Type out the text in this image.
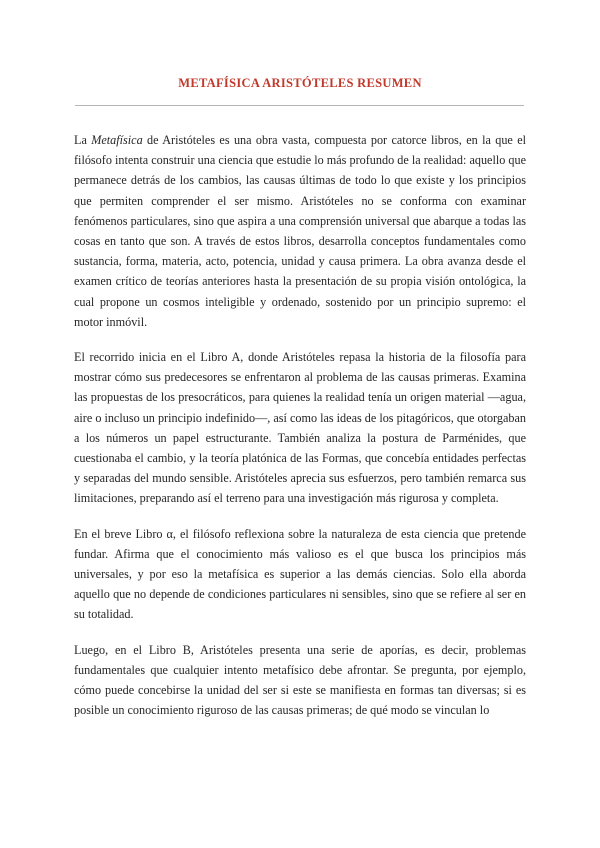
METAFÍSICA ARISTÓTELES RESUMEN

La Metafísica de Aristóteles es una obra vasta, compuesta por catorce libros, en la que el filósofo intenta construir una ciencia que estudie lo más profundo de la realidad: aquello que permanece detrás de los cambios, las causas últimas de todo lo que existe y los principios que permiten comprender el ser mismo. Aristóteles no se conforma con examinar fenómenos particulares, sino que aspira a una comprensión universal que abarque a todas las cosas en tanto que son. A través de estos libros, desarrolla conceptos fundamentales como sustancia, forma, materia, acto, potencia, unidad y causa primera. La obra avanza desde el examen crítico de teorías anteriores hasta la presentación de su propia visión ontológica, la cual propone un cosmos inteligible y ordenado, sostenido por un principio supremo: el motor inmóvil.

El recorrido inicia en el Libro A, donde Aristóteles repasa la historia de la filosofía para mostrar cómo sus predecesores se enfrentaron al problema de las causas primeras. Examina las propuestas de los presocráticos, para quienes la realidad tenía un origen material —agua, aire o incluso un principio indefinido—, así como las ideas de los pitagóricos, que otorgaban a los números un papel estructurante. También analiza la postura de Parménides, que cuestionaba el cambio, y la teoría platónica de las Formas, que concebía entidades perfectas y separadas del mundo sensible. Aristóteles aprecia sus esfuerzos, pero también remarca sus limitaciones, preparando así el terreno para una investigación más rigurosa y completa.

En el breve Libro α, el filósofo reflexiona sobre la naturaleza de esta ciencia que pretende fundar. Afirma que el conocimiento más valioso es el que busca los principios más universales, y por eso la metafísica es superior a las demás ciencias. Solo ella aborda aquello que no depende de condiciones particulares ni sensibles, sino que se refiere al ser en su totalidad.

Luego, en el Libro B, Aristóteles presenta una serie de aporías, es decir, problemas fundamentales que cualquier intento metafísico debe afrontar. Se pregunta, por ejemplo, cómo puede concebirse la unidad del ser si este se manifiesta en formas tan diversas; si es posible un conocimiento riguroso de las causas primeras; de qué modo se vinculan lo
